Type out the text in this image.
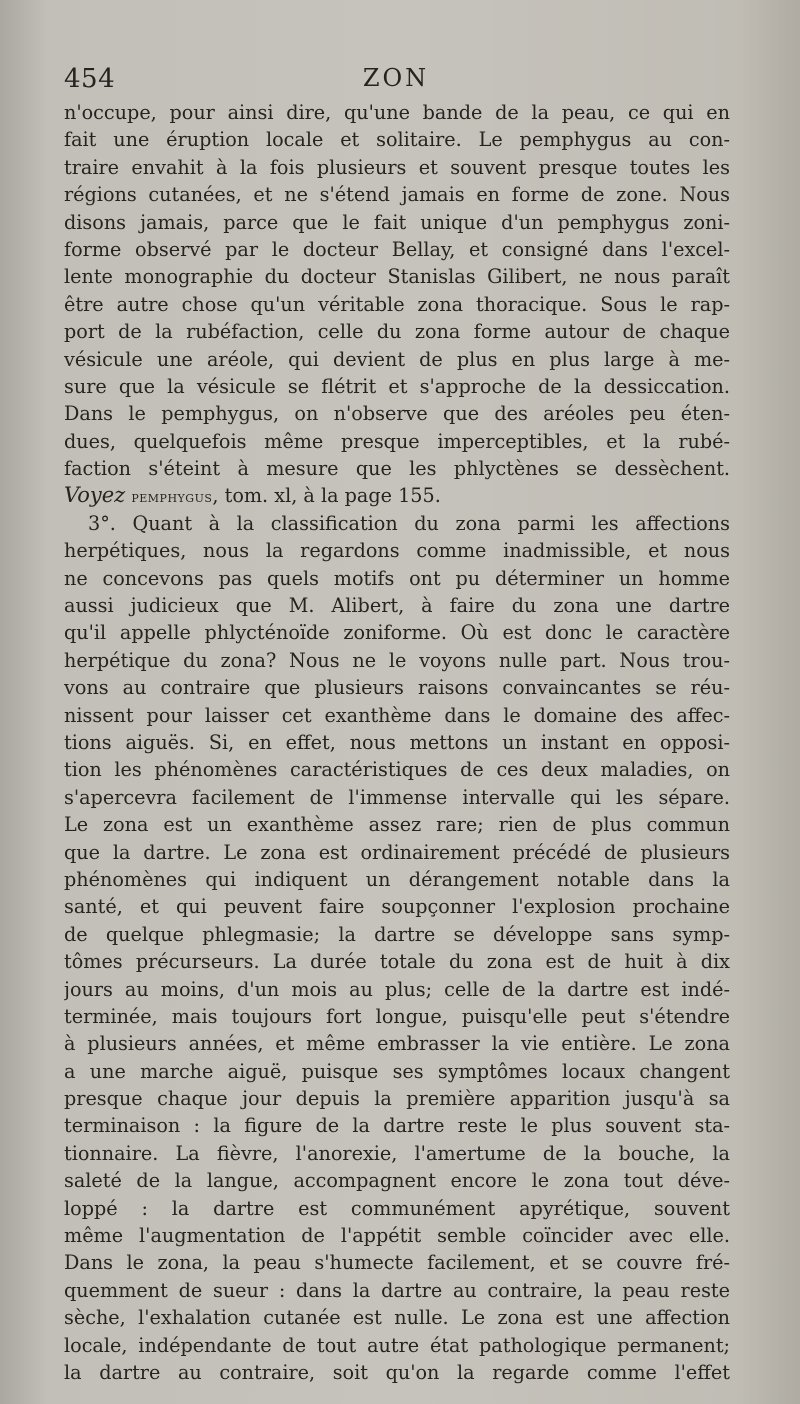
454	ZON
n'occupe, pour ainsi dire, qu'une bande de la peau, ce qui en
fait une éruption locale et solitaire. Le pemphygus au con-
traire envahit à la fois plusieurs et souvent presque toutes les
régions cutanées, et ne s'étend jamais en forme de zone. Nous
disons jamais, parce que le fait unique d'un pemphygus zoni-
forme observé par le docteur Bellay, et consigné dans l'excel-
lente monographie du docteur Stanislas Gilibert, ne nous paraît
être autre chose qu'un véritable zona thoracique. Sous le rap-
port de la rubéfaction, celle du zona forme autour de chaque
vésicule une aréole, qui devient de plus en plus large à me-
sure que la vésicule se flétrit et s'approche de la dessiccation.
Dans le pemphygus, on n'observe que des aréoles peu éten-
dues, quelquefois même presque imperceptibles, et la rubé-
faction s'éteint à mesure que les phlyctènes se dessèchent.
Voyez pemphygus, tom. xl, à la page 155.
3°. Quant à la classification du zona parmi les affections
herpétiques, nous la regardons comme inadmissible, et nous
ne concevons pas quels motifs ont pu déterminer un homme
aussi judicieux que M. Alibert, à faire du zona une dartre
qu'il appelle phlycténoïde zoniforme. Où est donc le caractère
herpétique du zona? Nous ne le voyons nulle part. Nous trou-
vons au contraire que plusieurs raisons convaincantes se réu-
nissent pour laisser cet exanthème dans le domaine des affec-
tions aiguës. Si, en effet, nous mettons un instant en opposi-
tion les phénomènes caractéristiques de ces deux maladies, on
s'apercevra facilement de l'immense intervalle qui les sépare.
Le zona est un exanthème assez rare; rien de plus commun
que la dartre. Le zona est ordinairement précédé de plusieurs
phénomènes qui indiquent un dérangement notable dans la
santé, et qui peuvent faire soupçonner l'explosion prochaine
de quelque phlegmasie; la dartre se développe sans symp-
tômes précurseurs. La durée totale du zona est de huit à dix
jours au moins, d'un mois au plus; celle de la dartre est indé-
terminée, mais toujours fort longue, puisqu'elle peut s'étendre
à plusieurs années, et même embrasser la vie entière. Le zona
a une marche aiguë, puisque ses symptômes locaux changent
presque chaque jour depuis la première apparition jusqu'à sa
terminaison : la figure de la dartre reste le plus souvent sta-
tionnaire. La fièvre, l'anorexie, l'amertume de la bouche, la
saleté de la langue, accompagnent encore le zona tout déve-
loppé : la dartre est communément apyrétique, souvent
même l'augmentation de l'appétit semble coïncider avec elle.
Dans le zona, la peau s'humecte facilement, et se couvre fré-
quemment de sueur : dans la dartre au contraire, la peau reste
sèche, l'exhalation cutanée est nulle. Le zona est une affection
locale, indépendante de tout autre état pathologique permanent;
la dartre au contraire, soit qu'on la regarde comme l'effet
